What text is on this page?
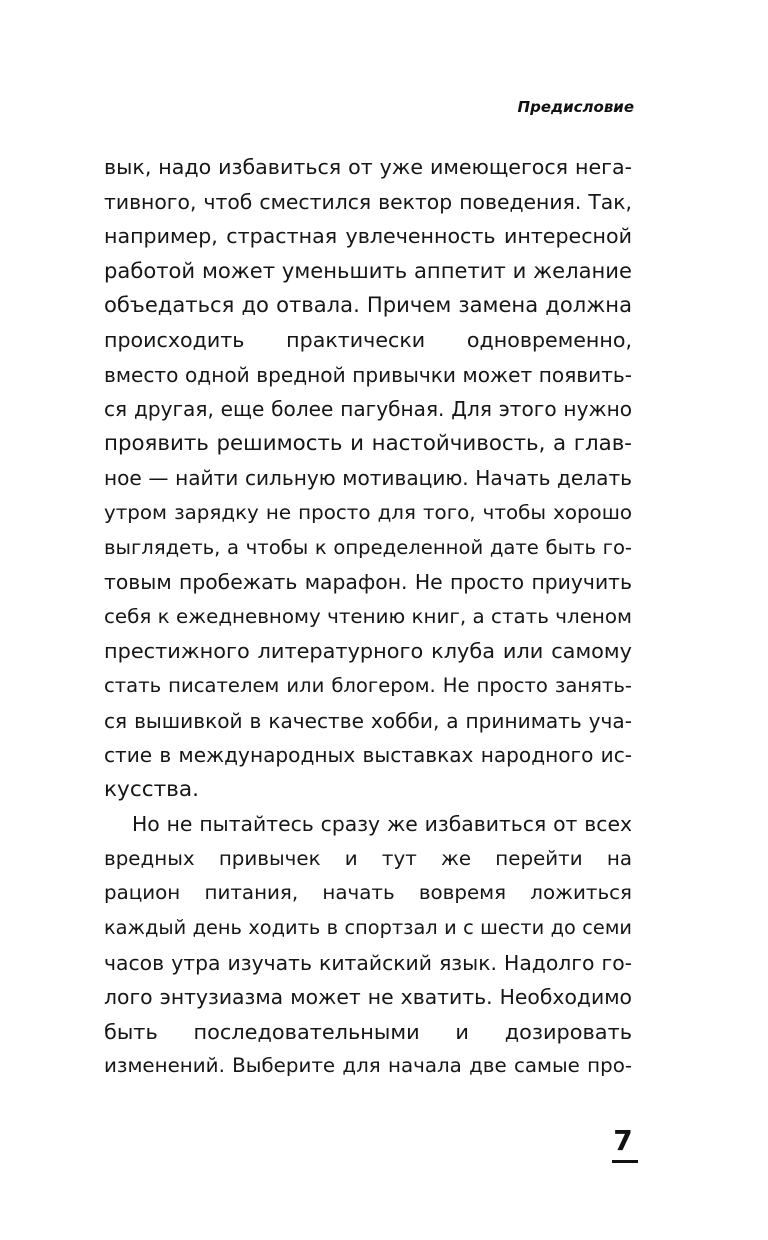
Предисловие
вык, надо избавиться от уже имеющегося нега-
тивного, чтоб сместился вектор поведения. Так,
например, страстная увлеченность интересной
работой может уменьшить аппетит и желание
объедаться до отвала. Причем замена должна
происходить практически одновременно,
вместо одной вредной привычки может появить-
ся другая, еще более пагубная. Для этого нужно
проявить решимость и настойчивость, а глав-
ное — найти сильную мотивацию. Начать делать
утром зарядку не просто для того, чтобы хорошо
выглядеть, а чтобы к определенной дате быть го-
товым пробежать марафон. Не просто приучить
себя к ежедневному чтению книг, а стать членом
престижного литературного клуба или самому
стать писателем или блогером. Не просто занять-
ся вышивкой в качестве хобби, а принимать уча-
стие в международных выставках народного ис-
кусства.
Но не пытайтесь сразу же избавиться от всех
вредных привычек и тут же перейти на
рацион питания, начать вовремя ложиться
каждый день ходить в спортзал и с шести до семи
часов утра изучать китайский язык. Надолго го-
лого энтузиазма может не хватить. Необходимо
быть последовательными и дозировать
изменений. Выберите для начала две самые про-
7
